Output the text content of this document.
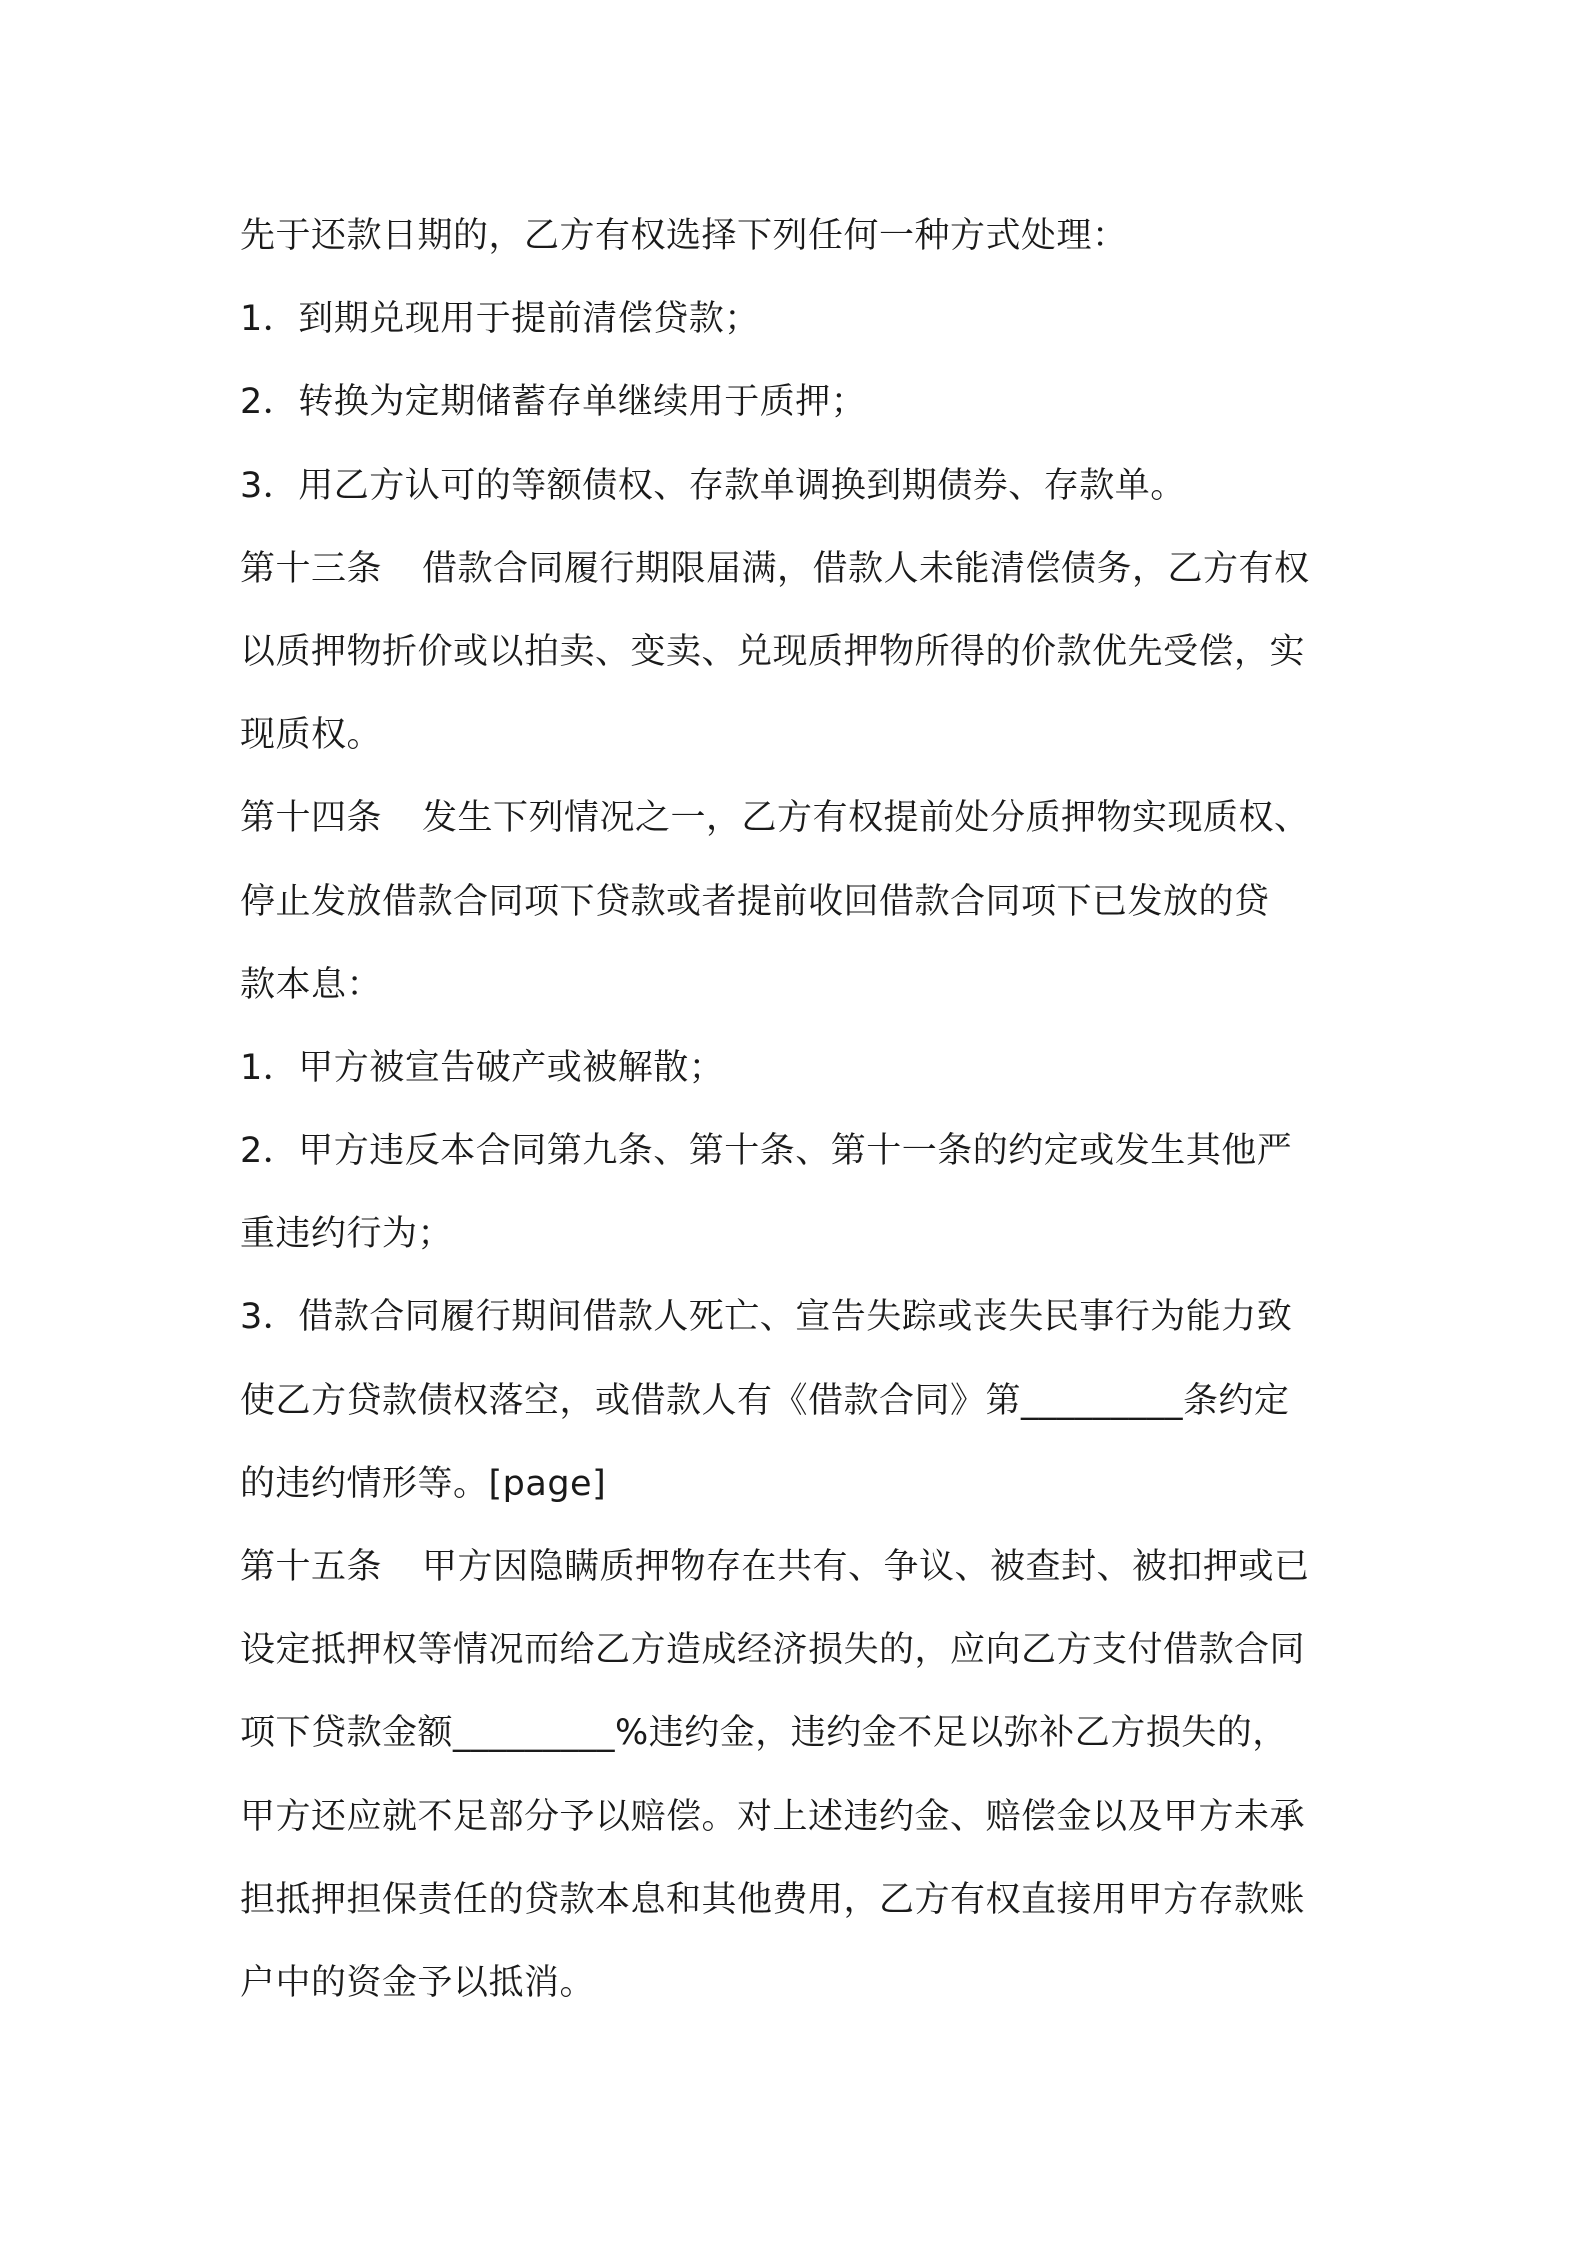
先于还款日期的，乙方有权选择下列任何一种方式处理：
1．到期兑现用于提前清偿贷款；
2．转换为定期储蓄存单继续用于质押；
3．用乙方认可的等额债权、存款单调换到期债券、存款单。
第十三条 借款合同履行期限届满，借款人未能清偿债务，乙方有权
以质押物折价或以拍卖、变卖、兑现质押物所得的价款优先受偿，实
现质权。
第十四条 发生下列情况之一，乙方有权提前处分质押物实现质权、
停止发放借款合同项下贷款或者提前收回借款合同项下已发放的贷
款本息：
1．甲方被宣告破产或被解散；
2．甲方违反本合同第九条、第十条、第十一条的约定或发生其他严
重违约行为；
3．借款合同履行期间借款人死亡、宣告失踪或丧失民事行为能力致
使乙方贷款债权落空，或借款人有《借款合同》第_________条约定
的违约情形等。[page]
第十五条 甲方因隐瞒质押物存在共有、争议、被查封、被扣押或已
设定抵押权等情况而给乙方造成经济损失的，应向乙方支付借款合同
项下贷款金额_________%违约金，违约金不足以弥补乙方损失的，
甲方还应就不足部分予以赔偿。对上述违约金、赔偿金以及甲方未承
担抵押担保责任的贷款本息和其他费用，乙方有权直接用甲方存款账
户中的资金予以抵消。
